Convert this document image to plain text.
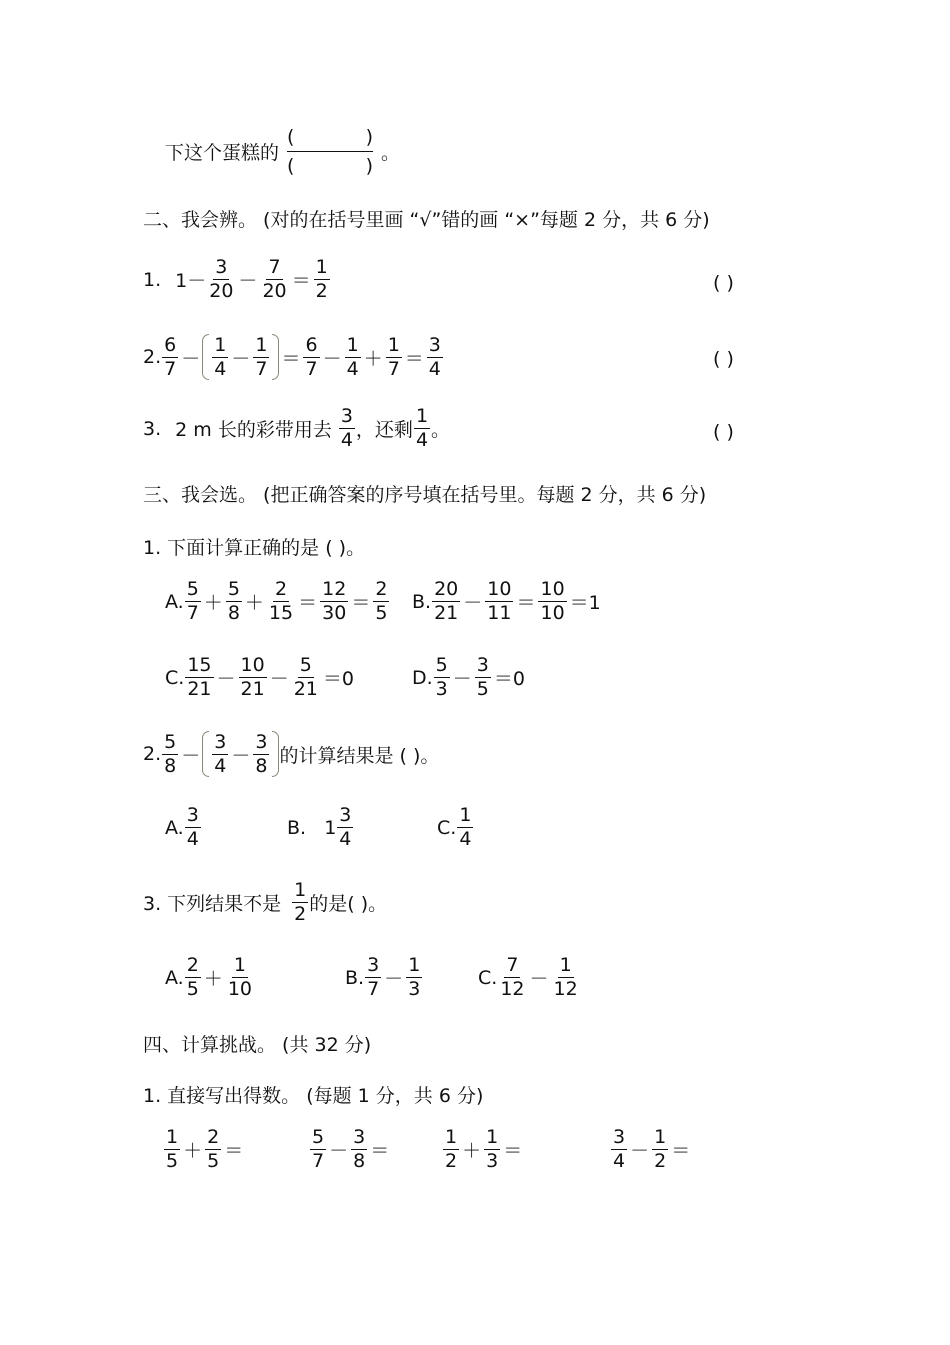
下这个蛋糕的 (	)
(	) 。
二、我会辨。 (对的在括号里画 “√”错的画 “×”每题 2 分，共 6 分)
1. $1- \frac{3}{20} - \frac{7}{20} = \frac{1}{2}$	( )
2. $\frac{6}{7} - \frac{1}{4} - \frac{1}{7} = \frac{6}{7} - \frac{1}{4} + \frac{1}{7} = \frac{3}{4}$	( )
3. 2 m 长的彩带用去 $\frac{3}{4}$ ，还剩 $\frac{1}{4}$ 。	( )
三、我会选。 (把正确答案的序号填在括号里。每题 2 分，共 6 分)
1. 下面计算正确的是 ( )。
A. $\frac{5}{7} + \frac{5}{8} + \frac{2}{15} = \frac{12}{30} = \frac{2}{5} B$. $\frac{20}{21} - \frac{10}{11} = \frac{10}{10} =1$
C. $\frac{15}{21} - \frac{10}{21} - \frac{5}{21} =0$	D. $\frac{5}{3} - \frac{3}{5} =0$
2. $\frac{5}{8} - \frac{3}{4} - \frac{3}{8}$ 的计算结果是 ( )。
A. $\frac{3}{4}$	B.   $1 \frac{3}{4}$	C. $\frac{1}{4}$
3. 下列结果不是 $\frac{1}{2}$ 的是( )。
A. $\frac{2}{5} + \frac{1}{10}$	B. $\frac{3}{7} - \frac{1}{3}$	C. $\frac{7}{12} - \frac{1}{12}$
四、计算挑战。 (共 32 分)
1. 直接写出得数。 (每题 1 分，共 6 分)
$\frac{1}{5} + \frac{2}{5}$ ＝	$\frac{5}{7} - \frac{3}{8}$ ＝	$\frac{1}{2} + \frac{1}{3}$ ＝	$\frac{3}{4} - \frac{1}{2}$ ＝
